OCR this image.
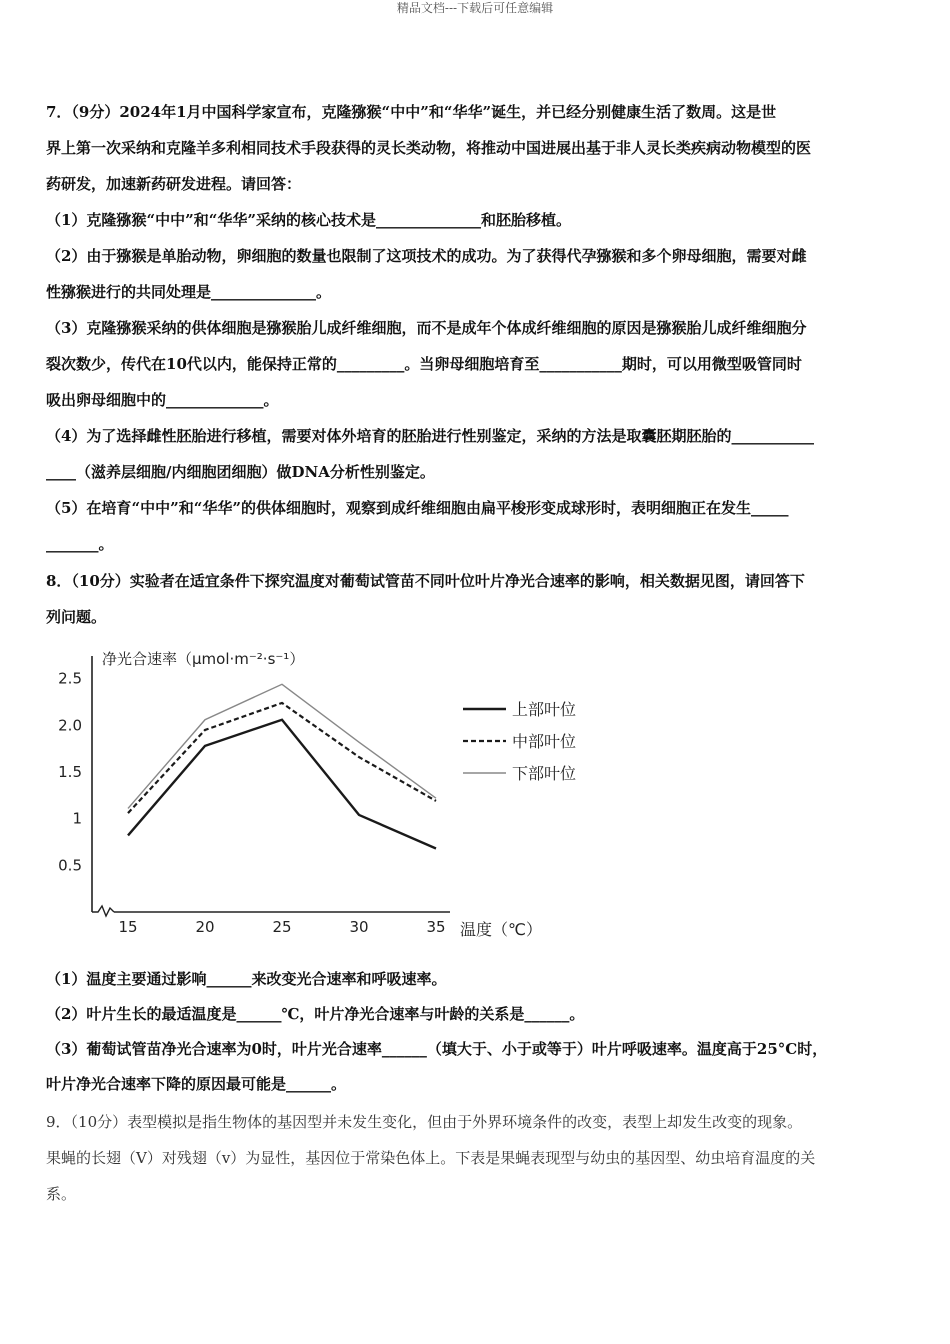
精品文档---下载后可任意编辑
7．（9分）2024年1月中国科学家宣布，克隆猕猴“中中”和“华华”诞生，并已经分别健康生活了数周。这是世
界上第一次采纳和克隆羊多利相同技术手段获得的灵长类动物，将推动中国进展出基于非人灵长类疾病动物模型的医
药研发，加速新药研发进程。请回答：
（1）克隆猕猴“中中”和“华华”采纳的核心技术是______________和胚胎移植。
（2）由于猕猴是单胎动物，卵细胞的数量也限制了这项技术的成功。为了获得代孕猕猴和多个卵母细胞，需要对雌
性猕猴进行的共同处理是______________。
（3）克隆猕猴采纳的供体细胞是猕猴胎儿成纤维细胞，而不是成年个体成纤维细胞的原因是猕猴胎儿成纤维细胞分
裂次数少，传代在10代以内，能保持正常的_________。当卵母细胞培育至___________期时，可以用微型吸管同时
吸出卵母细胞中的_____________。
（4）为了选择雌性胚胎进行移植，需要对体外培育的胚胎进行性别鉴定，采纳的方法是取囊胚期胚胎的___________
____（滋养层细胞/内细胞团细胞）做DNA分析性别鉴定。
（5）在培育“中中”和“华华”的供体细胞时，观察到成纤维细胞由扁平梭形变成球形时，表明细胞正在发生_____
_______。
8．（10分）实验者在适宜条件下探究温度对葡萄试管苗不同叶位叶片净光合速率的影响，相关数据见图，请回答下
列问题。
2.5
2.0
1.5
1
0.5
15	20	25	30	35
上部叶位
中部叶位
下部叶位
净光合速率（μmol·m⁻²·s⁻¹）
温度（℃）
（1）温度主要通过影响______来改变光合速率和呼吸速率。
（2）叶片生长的最适温度是______℃，叶片净光合速率与叶龄的关系是______。
（3）葡萄试管苗净光合速率为0时，叶片光合速率______（填大于、小于或等于）叶片呼吸速率。温度高于25°C时，
叶片净光合速率下降的原因最可能是______。
9．（10分）表型模拟是指生物体的基因型并未发生变化，但由于外界环境条件的改变，表型上却发生改变的现象。
果蝇的长翅（V）对残翅（v）为显性，基因位于常染色体上。下表是果蝇表现型与幼虫的基因型、幼虫培育温度的关
系。
